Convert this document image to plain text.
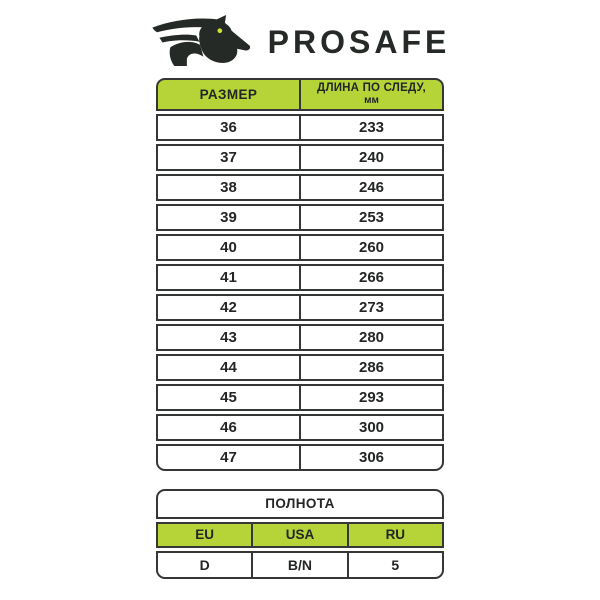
PROSAFE
РАЗМЕР	ДЛИНА ПО СЛЕДУ,
мм
36	233
37	240
38	246
39	253
40	260
41	266
42	273
43	280
44	286
45	293
46	300
47	306
ПОЛНОТА
EU	USA	RU
D	B/N	5
